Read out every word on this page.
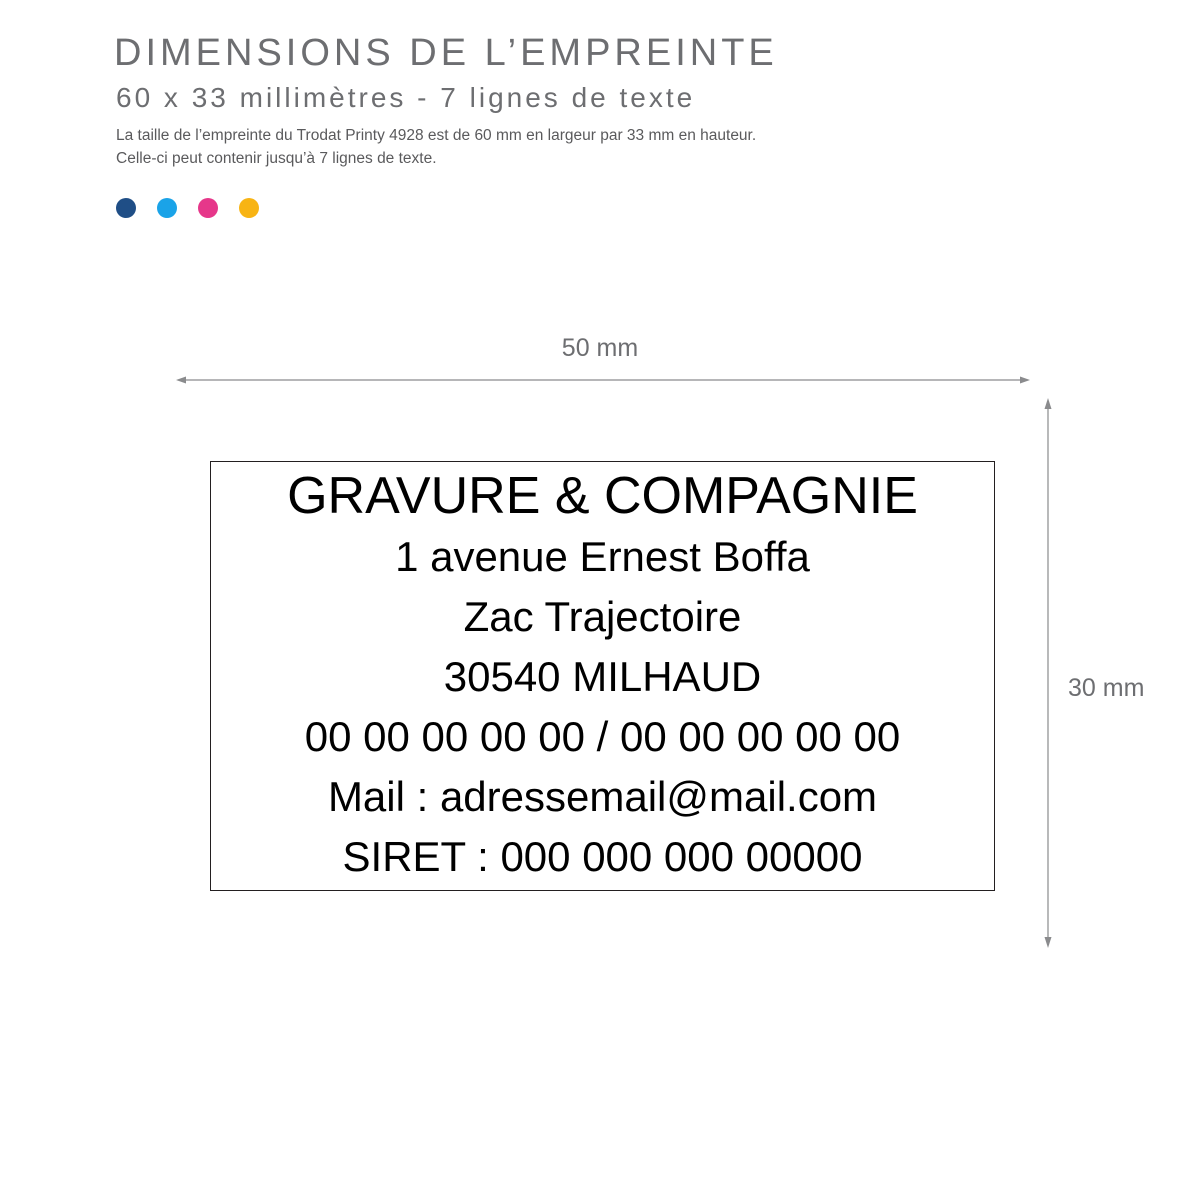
DIMENSIONS DE L’EMPREINTE
60 x 33 millimètres - 7 lignes de texte
La taille de l’empreinte du Trodat Printy 4928 est de 60 mm en largeur par 33 mm en hauteur.
Celle-ci peut contenir jusqu’à 7 lignes de texte.
50 mm
30 mm
GRAVURE & COMPAGNIE
1 avenue Ernest Boffa
Zac Trajectoire
30540 MILHAUD
00 00 00 00 00 / 00 00 00 00 00
Mail : adressemail@mail.com
SIRET : 000 000 000 00000
